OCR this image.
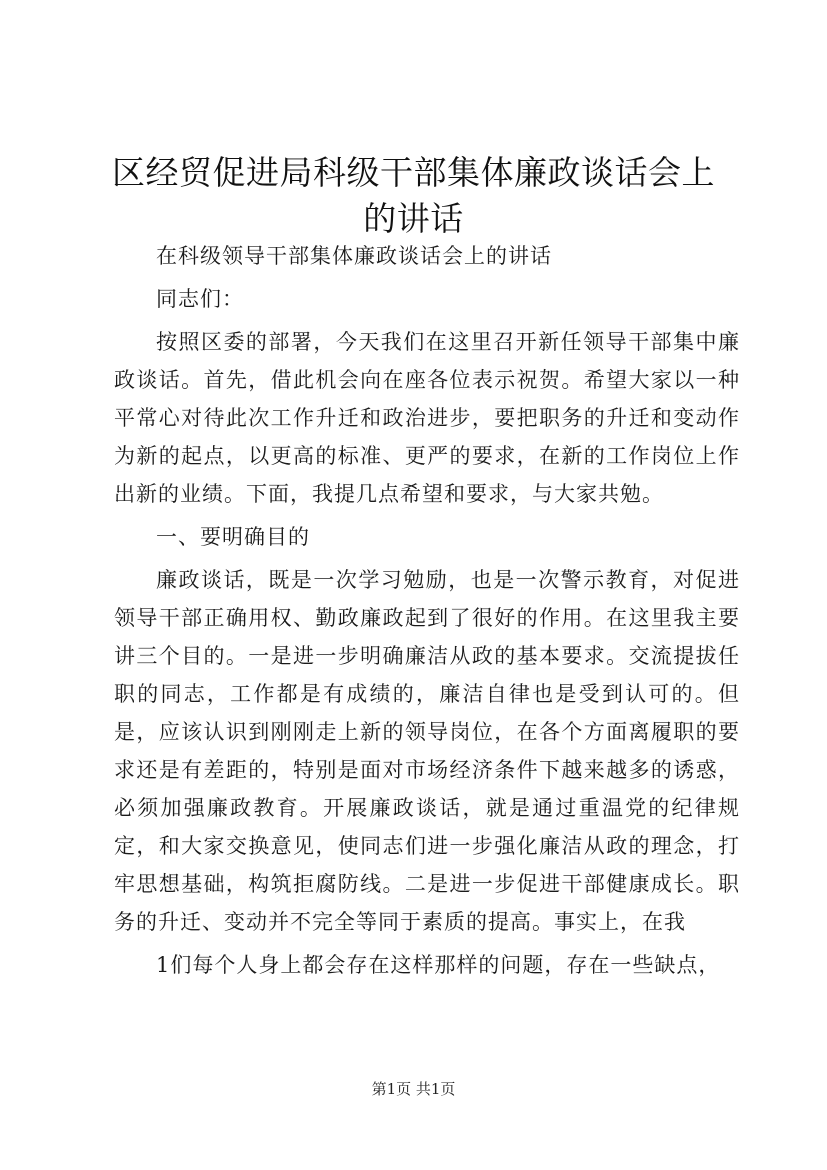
区经贸促进局科级干部集体廉政谈话会上的讲话

在科级领导干部集体廉政谈话会上的讲话

同志们：

按照区委的部署，今天我们在这里召开新任领导干部集中廉政谈话。首先，借此机会向在座各位表示祝贺。希望大家以一种平常心对待此次工作升迁和政治进步，要把职务的升迁和变动作为新的起点，以更高的标准、更严的要求，在新的工作岗位上作出新的业绩。下面，我提几点希望和要求，与大家共勉。

一、要明确目的

廉政谈话，既是一次学习勉励，也是一次警示教育，对促进领导干部正确用权、勤政廉政起到了很好的作用。在这里我主要讲三个目的。一是进一步明确廉洁从政的基本要求。交流提拔任职的同志，工作都是有成绩的，廉洁自律也是受到认可的。但是，应该认识到刚刚走上新的领导岗位，在各个方面离履职的要求还是有差距的，特别是面对市场经济条件下越来越多的诱惑，必须加强廉政教育。开展廉政谈话，就是通过重温党的纪律规定，和大家交换意见，使同志们进一步强化廉洁从政的理念，打牢思想基础，构筑拒腐防线。二是进一步促进干部健康成长。职务的升迁、变动并不完全等同于素质的提高。事实上，在我

1们每个人身上都会存在这样那样的问题，存在一些缺点，

第1页 共1页
